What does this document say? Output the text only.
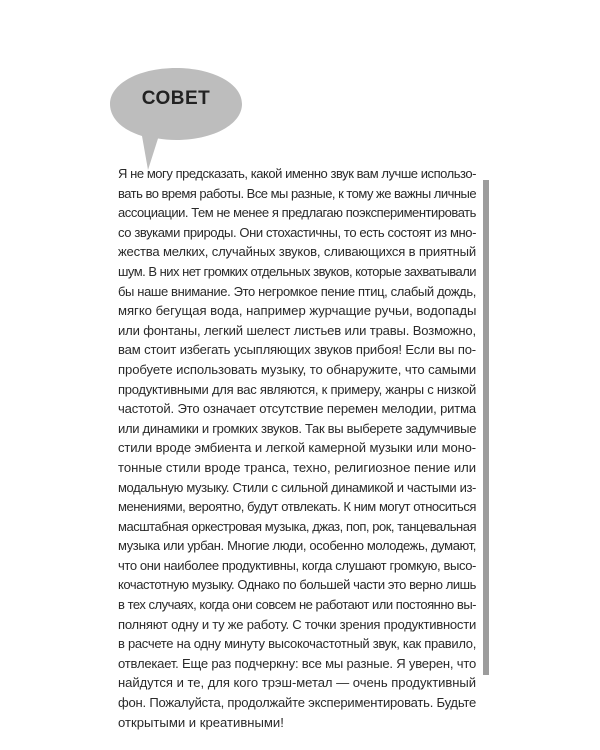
СОВЕТ
Я не могу предсказать, какой именно звук вам лучше использо-
вать во время работы. Все мы разные, к тому же важны личные
ассоциации. Тем не менее я предлагаю поэкспериментировать
со звуками природы. Они стохастичны, то есть состоят из мно-
жества мелких, случайных звуков, сливающихся в приятный
шум. В них нет громких отдельных звуков, которые захватывали
бы наше внимание. Это негромкое пение птиц, слабый дождь,
мягко бегущая вода, например журчащие ручьи, водопады
или фонтаны, легкий шелест листьев или травы. Возможно,
вам стоит избегать усыпляющих звуков прибоя! Если вы по-
пробуете использовать музыку, то обнаружите, что самыми
продуктивными для вас являются, к примеру, жанры с низкой
частотой. Это означает отсутствие перемен мелодии, ритма
или динамики и громких звуков. Так вы выберете задумчивые
стили вроде эмбиента и легкой камерной музыки или моно-
тонные стили вроде транса, техно, религиозное пение или
модальную музыку. Стили с сильной динамикой и частыми из-
менениями, вероятно, будут отвлекать. К ним могут относиться
масштабная оркестровая музыка, джаз, поп, рок, танцевальная
музыка или урбан. Многие люди, особенно молодежь, думают,
что они наиболее продуктивны, когда слушают громкую, высо-
кочастотную музыку. Однако по большей части это верно лишь
в тех случаях, когда они совсем не работают или постоянно вы-
полняют одну и ту же работу. С точки зрения продуктивности
в расчете на одну минуту высокочастотный звук, как правило,
отвлекает. Еще раз подчеркну: все мы разные. Я уверен, что
найдутся и те, для кого трэш-метал — очень продуктивный
фон. Пожалуйста, продолжайте экспериментировать. Будьте
открытыми и креативными!
